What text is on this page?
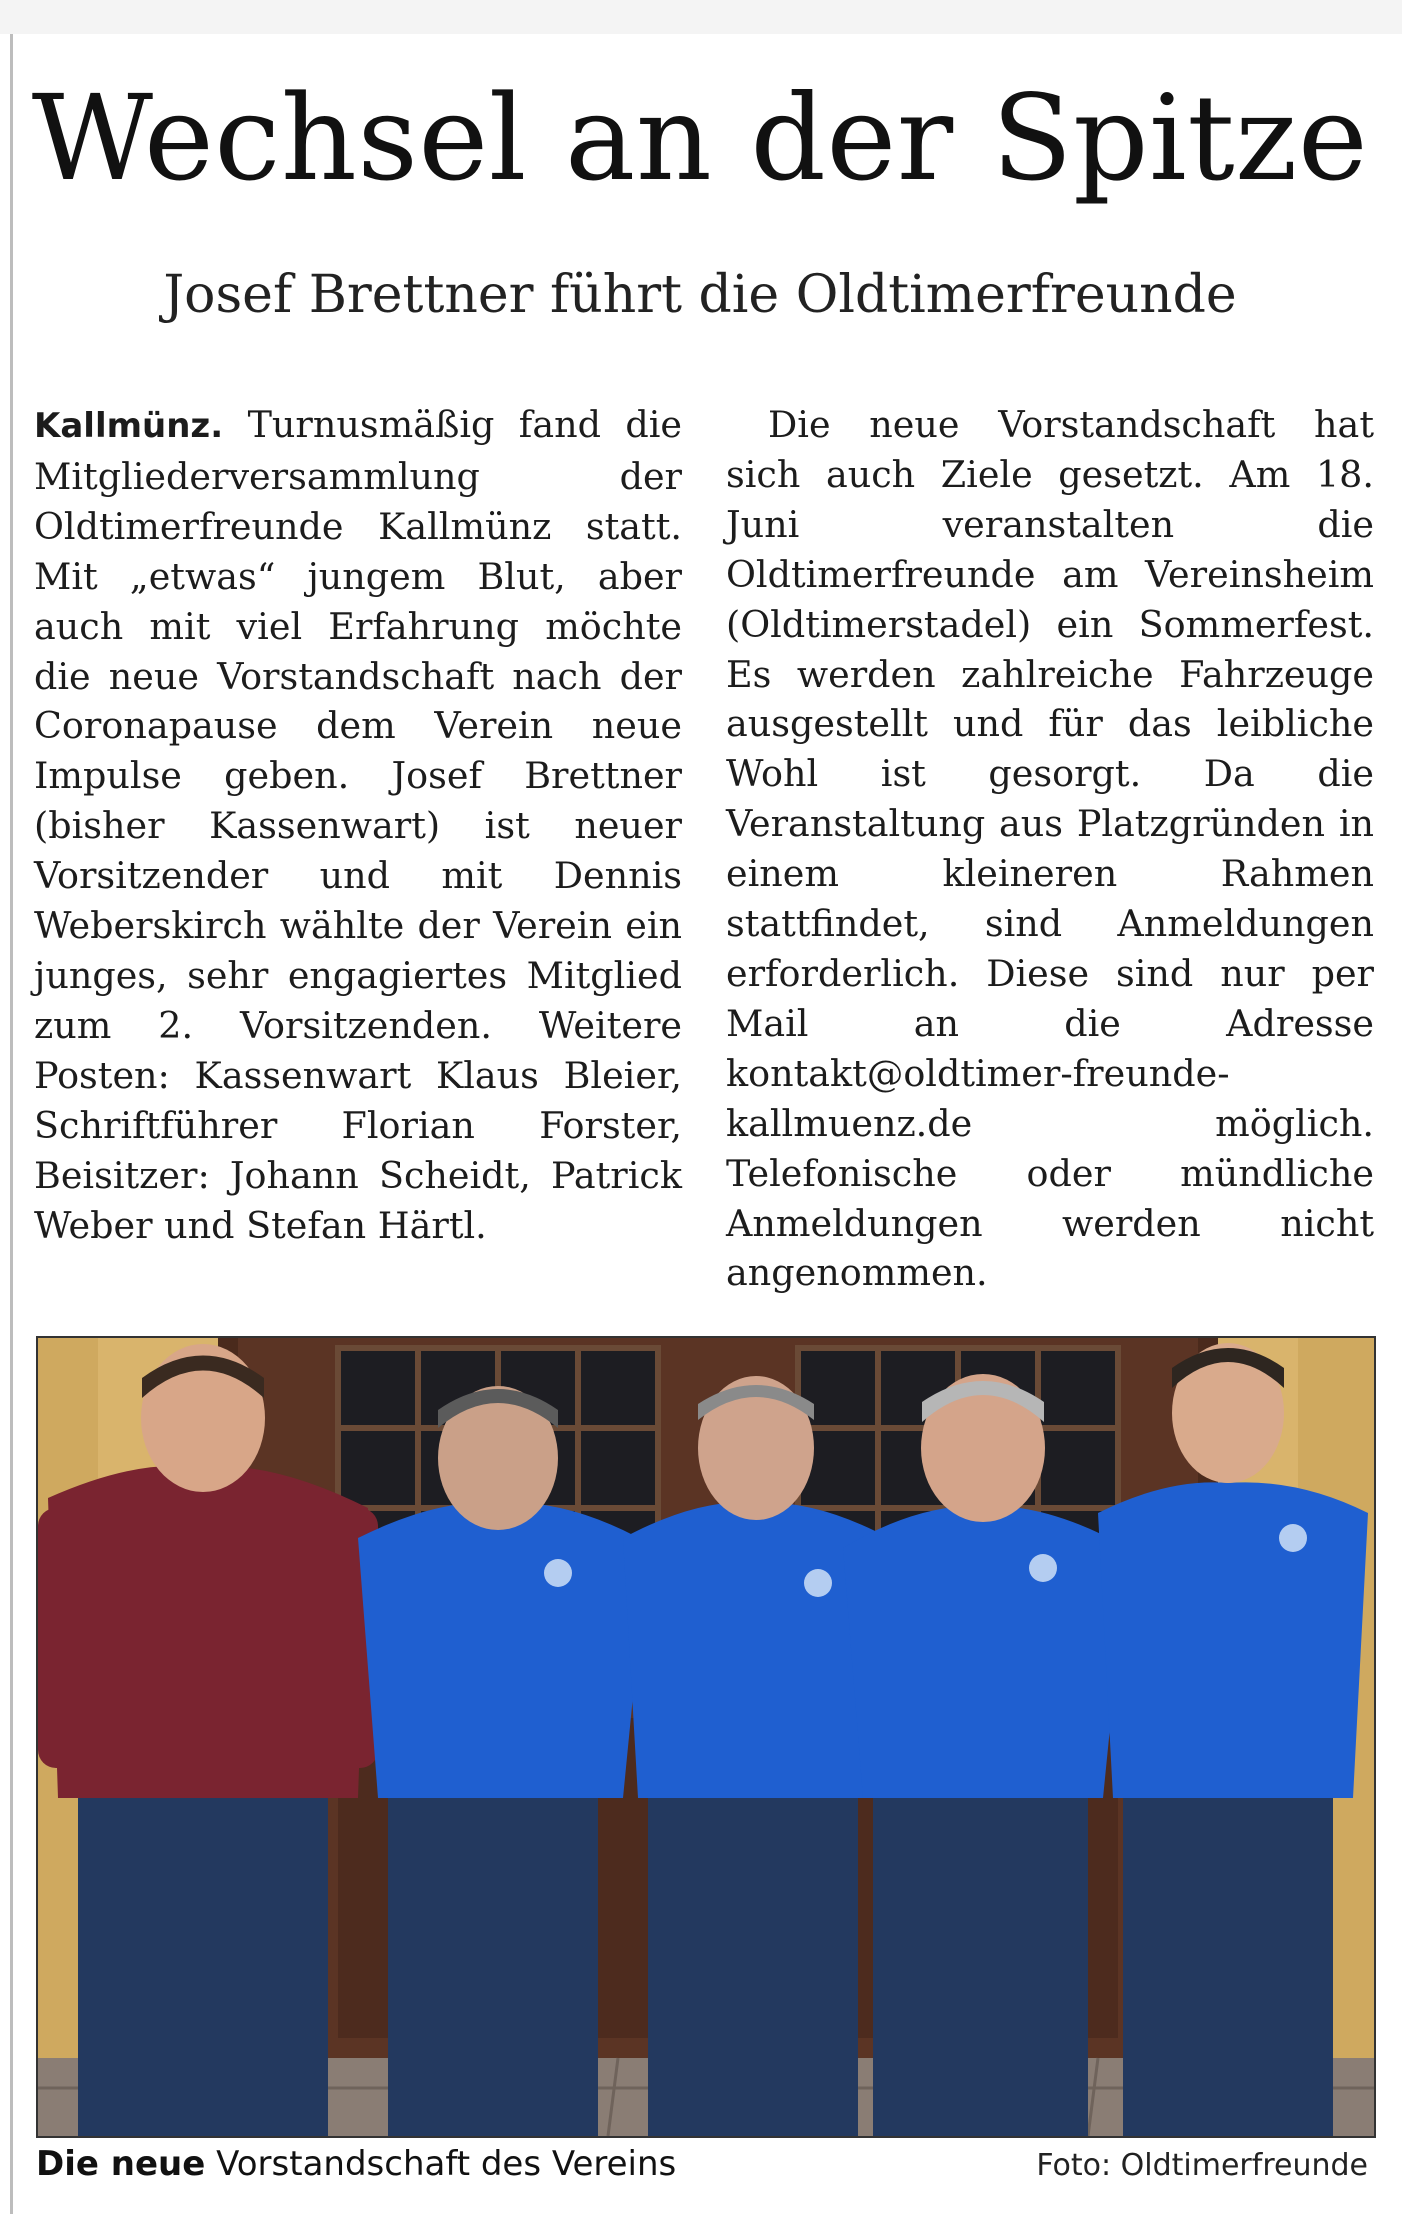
Wechsel an der Spitze
Josef Brettner führt die Oldtimerfreunde

Kallmünz. Turnusmäßig fand die Mitgliederversammlung der Oldtimerfreunde Kallmünz statt. Mit „etwas“ jungem Blut, aber auch mit viel Erfahrung möchte die neue Vorstandschaft nach der Coronapause dem Verein neue Impulse geben. Josef Brettner (bisher Kassenwart) ist neuer Vorsitzender und mit Dennis Weberskirch wählte der Verein ein junges, sehr engagiertes Mitglied zum 2. Vorsitzenden. Weitere Posten: Kassenwart Klaus Bleier, Schriftführer Florian Forster, Beisitzer: Johann Scheidt, Patrick Weber und Stefan Härtl.

Die neue Vorstandschaft hat sich auch Ziele gesetzt. Am 18. Juni veranstalten die Oldtimerfreunde am Vereinsheim (Oldtimerstadel) ein Sommerfest. Es werden zahlreiche Fahrzeuge ausgestellt und für das leibliche Wohl ist gesorgt. Da die Veranstaltung aus Platzgründen in einem kleineren Rahmen stattfindet, sind Anmeldungen erforderlich. Diese sind nur per Mail an die Adresse kontakt@oldtimer-freunde-kallmuenz.de möglich. Telefonische oder mündliche Anmeldungen werden nicht angenommen.

Die neue Vorstandschaft des Vereins	Foto: Oldtimerfreunde
